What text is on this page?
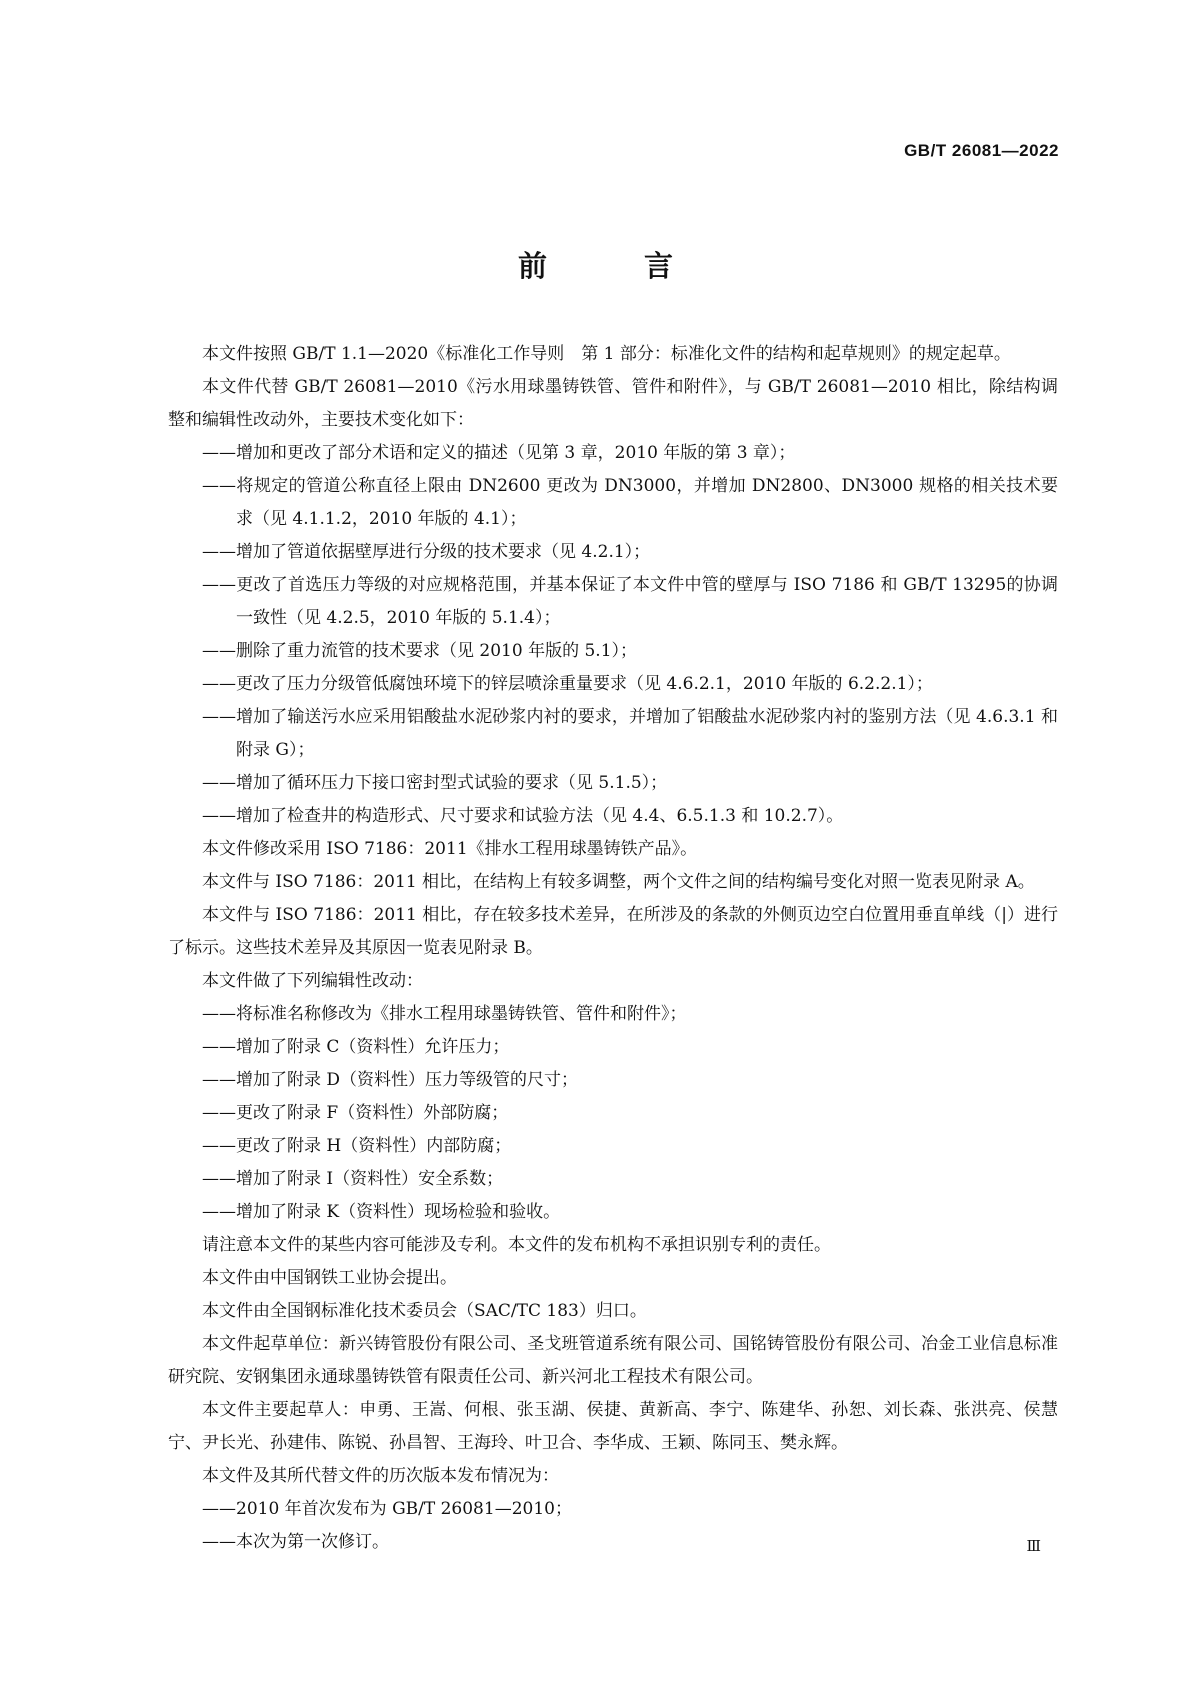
GB/T 26081—2022
前　言

本文件按照 GB/T 1.1—2020《标准化工作导则　第 1 部分：标准化文件的结构和起草规则》的规定起草。

本文件代替 GB/T 26081—2010《污水用球墨铸铁管、管件和附件》，与 GB/T 26081—2010 相比，除结构调整和编辑性改动外，主要技术变化如下：

——增加和更改了部分术语和定义的描述（见第 3 章，2010 年版的第 3 章）；

——将规定的管道公称直径上限由 DN2600 更改为 DN3000，并增加 DN2800、DN3000 规格的相关技术要求（见 4.1.1.2，2010 年版的 4.1）；

——增加了管道依据壁厚进行分级的技术要求（见 4.2.1）；

——更改了首选压力等级的对应规格范围，并基本保证了本文件中管的壁厚与 ISO 7186 和 GB/T 13295的协调一致性（见 4.2.5，2010 年版的 5.1.4）；

——删除了重力流管的技术要求（见 2010 年版的 5.1）；

——更改了压力分级管低腐蚀环境下的锌层喷涂重量要求（见 4.6.2.1，2010 年版的 6.2.2.1）；

——增加了输送污水应采用铝酸盐水泥砂浆内衬的要求，并增加了铝酸盐水泥砂浆内衬的鉴别方法（见 4.6.3.1 和附录 G）；

——增加了循环压力下接口密封型式试验的要求（见 5.1.5）；

——增加了检查井的构造形式、尺寸要求和试验方法（见 4.4、6.5.1.3 和 10.2.7）。

本文件修改采用 ISO 7186：2011《排水工程用球墨铸铁产品》。

本文件与 ISO 7186：2011 相比，在结构上有较多调整，两个文件之间的结构编号变化对照一览表见附录 A。

本文件与 ISO 7186：2011 相比，存在较多技术差异，在所涉及的条款的外侧页边空白位置用垂直单线（|）进行了标示。这些技术差异及其原因一览表见附录 B。

本文件做了下列编辑性改动：

——将标准名称修改为《排水工程用球墨铸铁管、管件和附件》；

——增加了附录 C（资料性）允许压力；

——增加了附录 D（资料性）压力等级管的尺寸；

——更改了附录 F（资料性）外部防腐；

——更改了附录 H（资料性）内部防腐；

——增加了附录 I（资料性）安全系数；

——增加了附录 K（资料性）现场检验和验收。

请注意本文件的某些内容可能涉及专利。本文件的发布机构不承担识别专利的责任。

本文件由中国钢铁工业协会提出。

本文件由全国钢标准化技术委员会（SAC/TC 183）归口。

本文件起草单位：新兴铸管股份有限公司、圣戈班管道系统有限公司、国铭铸管股份有限公司、冶金工业信息标准研究院、安钢集团永通球墨铸铁管有限责任公司、新兴河北工程技术有限公司。

本文件主要起草人：申勇、王嵩、何根、张玉湖、侯捷、黄新高、李宁、陈建华、孙恕、刘长森、张洪亮、侯慧宁、尹长光、孙建伟、陈锐、孙昌智、王海玲、叶卫合、李华成、王颖、陈同玉、樊永辉。

本文件及其所代替文件的历次版本发布情况为：

——2010 年首次发布为 GB/T 26081—2010；

——本次为第一次修订。	Ⅲ
